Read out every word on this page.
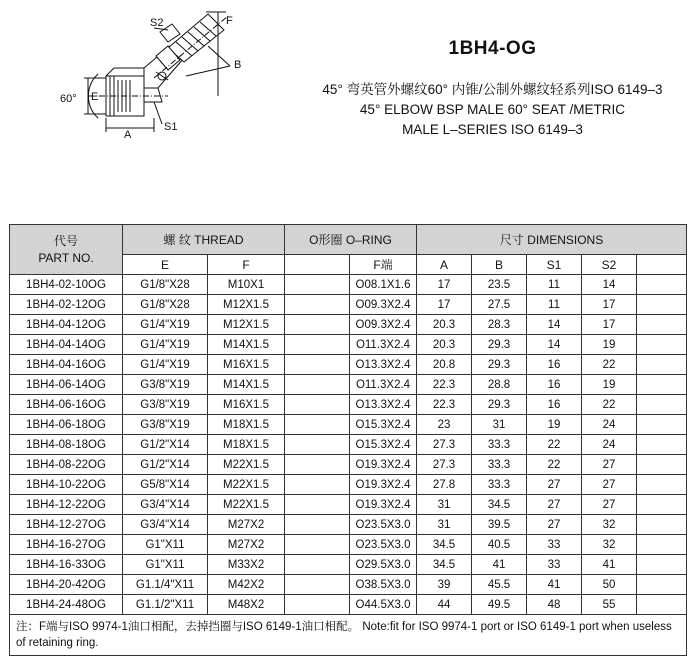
S2	F
B
60° E
A
S1
1BH4-OG
45° 弯英管外螺纹60° 内锥/公制外螺纹轻系列ISO 6149–3
45° ELBOW BSP MALE 60° SEAT /METRIC
MALE L–SERIES ISO 6149–3
代号
PART NO.	螺 纹 THREAD		O形圈 O–RING		尺寸 DIMENSIONS				
	E	F		F端	A	B	S1	S2	
1BH4-02-10OG	G1/8"X28	M10X1		O08.1X1.6	17	23.5	11	14	
1BH4-02-12OG	G1/8"X28	M12X1.5		O09.3X2.4	17	27.5	11	17	
1BH4-04-12OG	G1/4"X19	M12X1.5		O09.3X2.4	20.3	28.3	14	17	
1BH4-04-14OG	G1/4"X19	M14X1.5		O11.3X2.4	20.3	29.3	14	19	
1BH4-04-16OG	G1/4"X19	M16X1.5		O13.3X2.4	20.8	29.3	16	22	
1BH4-06-14OG	G3/8"X19	M14X1.5		O11.3X2.4	22.3	28.8	16	19	
1BH4-06-16OG	G3/8"X19	M16X1.5		O13.3X2.4	22.3	29.3	16	22	
1BH4-06-18OG	G3/8"X19	M18X1.5		O15.3X2.4	23	31	19	24	
1BH4-08-18OG	G1/2"X14	M18X1.5		O15.3X2.4	27.3	33.3	22	24	
1BH4-08-22OG	G1/2"X14	M22X1.5		O19.3X2.4	27.3	33.3	22	27	
1BH4-10-22OG	G5/8"X14	M22X1.5		O19.3X2.4	27.8	33.3	27	27	
1BH4-12-22OG	G3/4"X14	M22X1.5		O19.3X2.4	31	34.5	27	27	
1BH4-12-27OG	G3/4"X14	M27X2		O23.5X3.0	31	39.5	27	32	
1BH4-16-27OG	G1"X11	M27X2		O23.5X3.0	34.5	40.5	33	32	
1BH4-16-33OG	G1"X11	M33X2		O29.5X3.0	34.5	41	33	41	
1BH4-20-42OG	G1.1/4"X11	M42X2		O38.5X3.0	39	45.5	41	50	
1BH4-24-48OG	G1.1/2"X11	M48X2		O44.5X3.0	44	49.5	48	55	
注：F端与ISO 9974-1油口相配，去掉挡圈与ISO 6149-1油口相配。 Note:fit for ISO 9974-1 port or ISO 6149-1 port when useless of retaining ring.									
